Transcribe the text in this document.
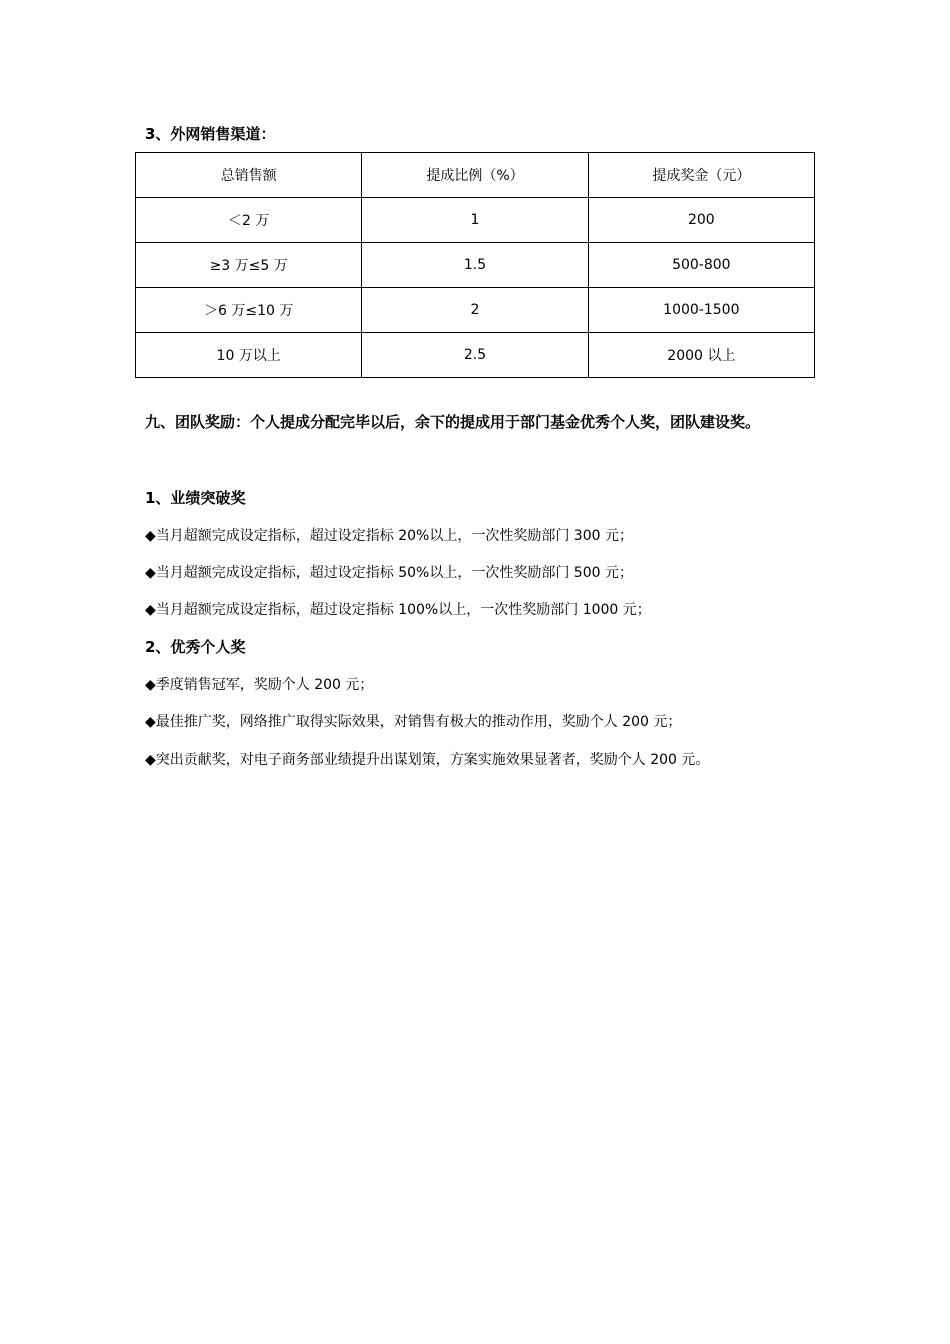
3、外网销售渠道：
总销售额	提成比例（%）	提成奖金（元）
＜2 万	1	200
≥3 万≤5 万	1.5	500-800
＞6 万≤10 万	2	1000-1500
10 万以上	2.5	2000 以上
九、团队奖励：个人提成分配完毕以后，余下的提成用于部门基金优秀个人奖，团队建设奖。
1、业绩突破奖
◆当月超额完成设定指标，超过设定指标 20%以上，一次性奖励部门 300 元；
◆当月超额完成设定指标，超过设定指标 50%以上，一次性奖励部门 500 元；
◆当月超额完成设定指标，超过设定指标 100%以上，一次性奖励部门 1000 元；
2、优秀个人奖
◆季度销售冠军，奖励个人 200 元；
◆最佳推广奖，网络推广取得实际效果，对销售有极大的推动作用，奖励个人 200 元；
◆突出贡献奖，对电子商务部业绩提升出谋划策，方案实施效果显著者，奖励个人 200 元。
